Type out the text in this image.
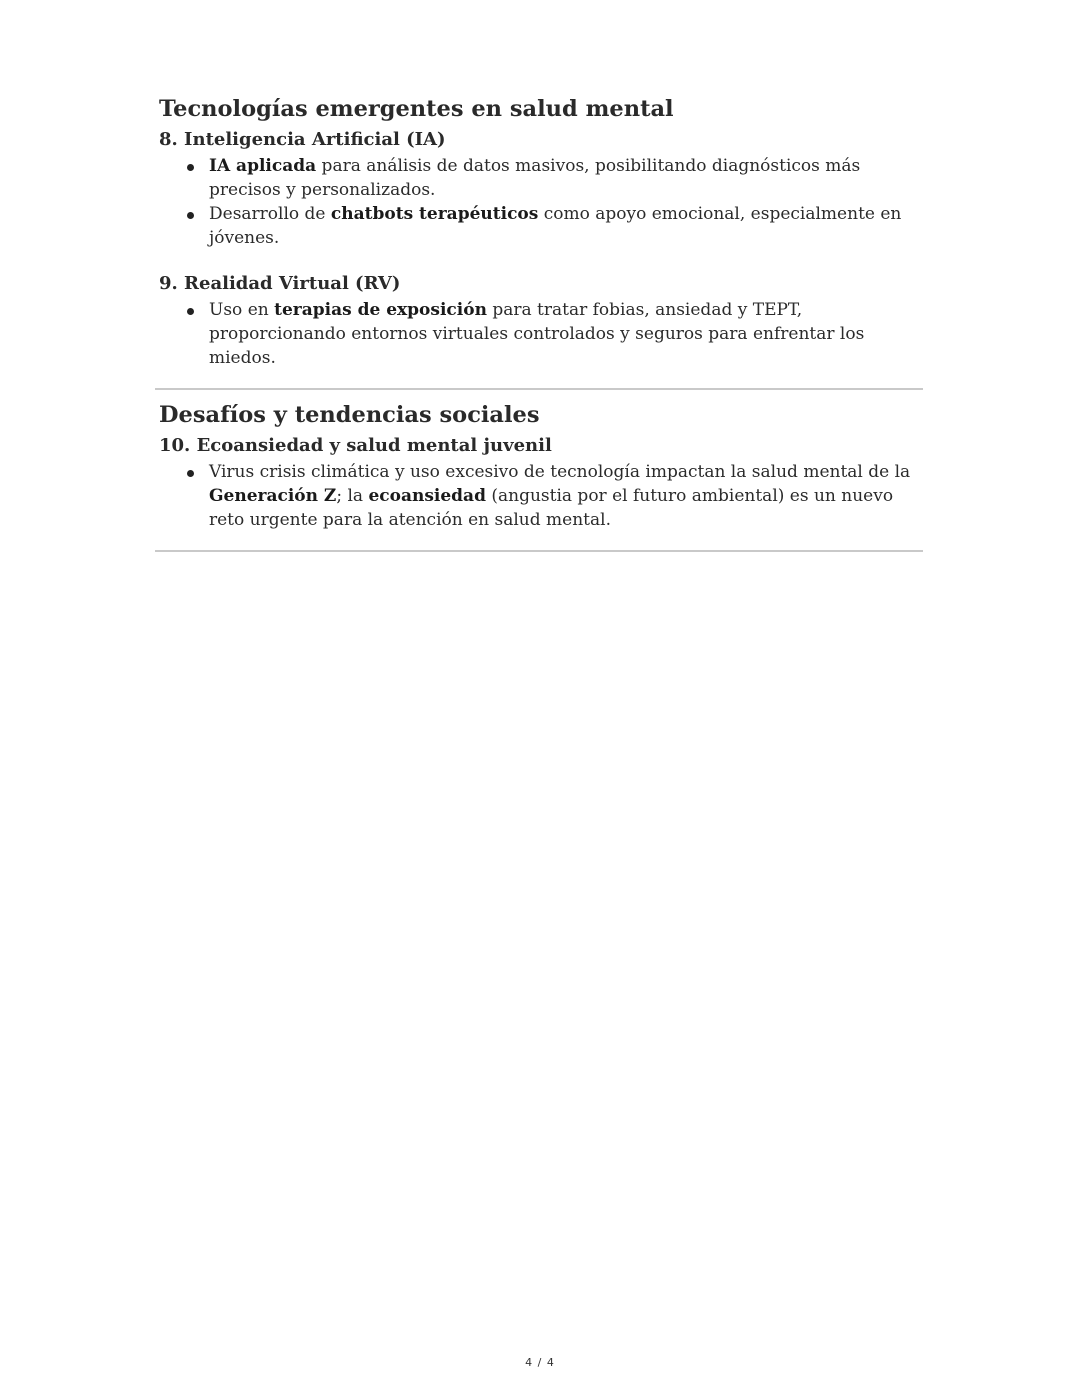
Tecnologías emergentes en salud mental
8. Inteligencia Artificial (IA)
IA aplicada para análisis de datos masivos, posibilitando diagnósticos más precisos y personalizados.
Desarrollo de chatbots terapéuticos como apoyo emocional, especialmente en jóvenes.
9. Realidad Virtual (RV)
Uso en terapias de exposición para tratar fobias, ansiedad y TEPT, proporcionando entornos virtuales controlados y seguros para enfrentar los miedos.
Desafíos y tendencias sociales
10. Ecoansiedad y salud mental juvenil
Virus crisis climática y uso excesivo de tecnología impactan la salud mental de la Generación Z; la ecoansiedad (angustia por el futuro ambiental) es un nuevo reto urgente para la atención en salud mental.
4 / 4
